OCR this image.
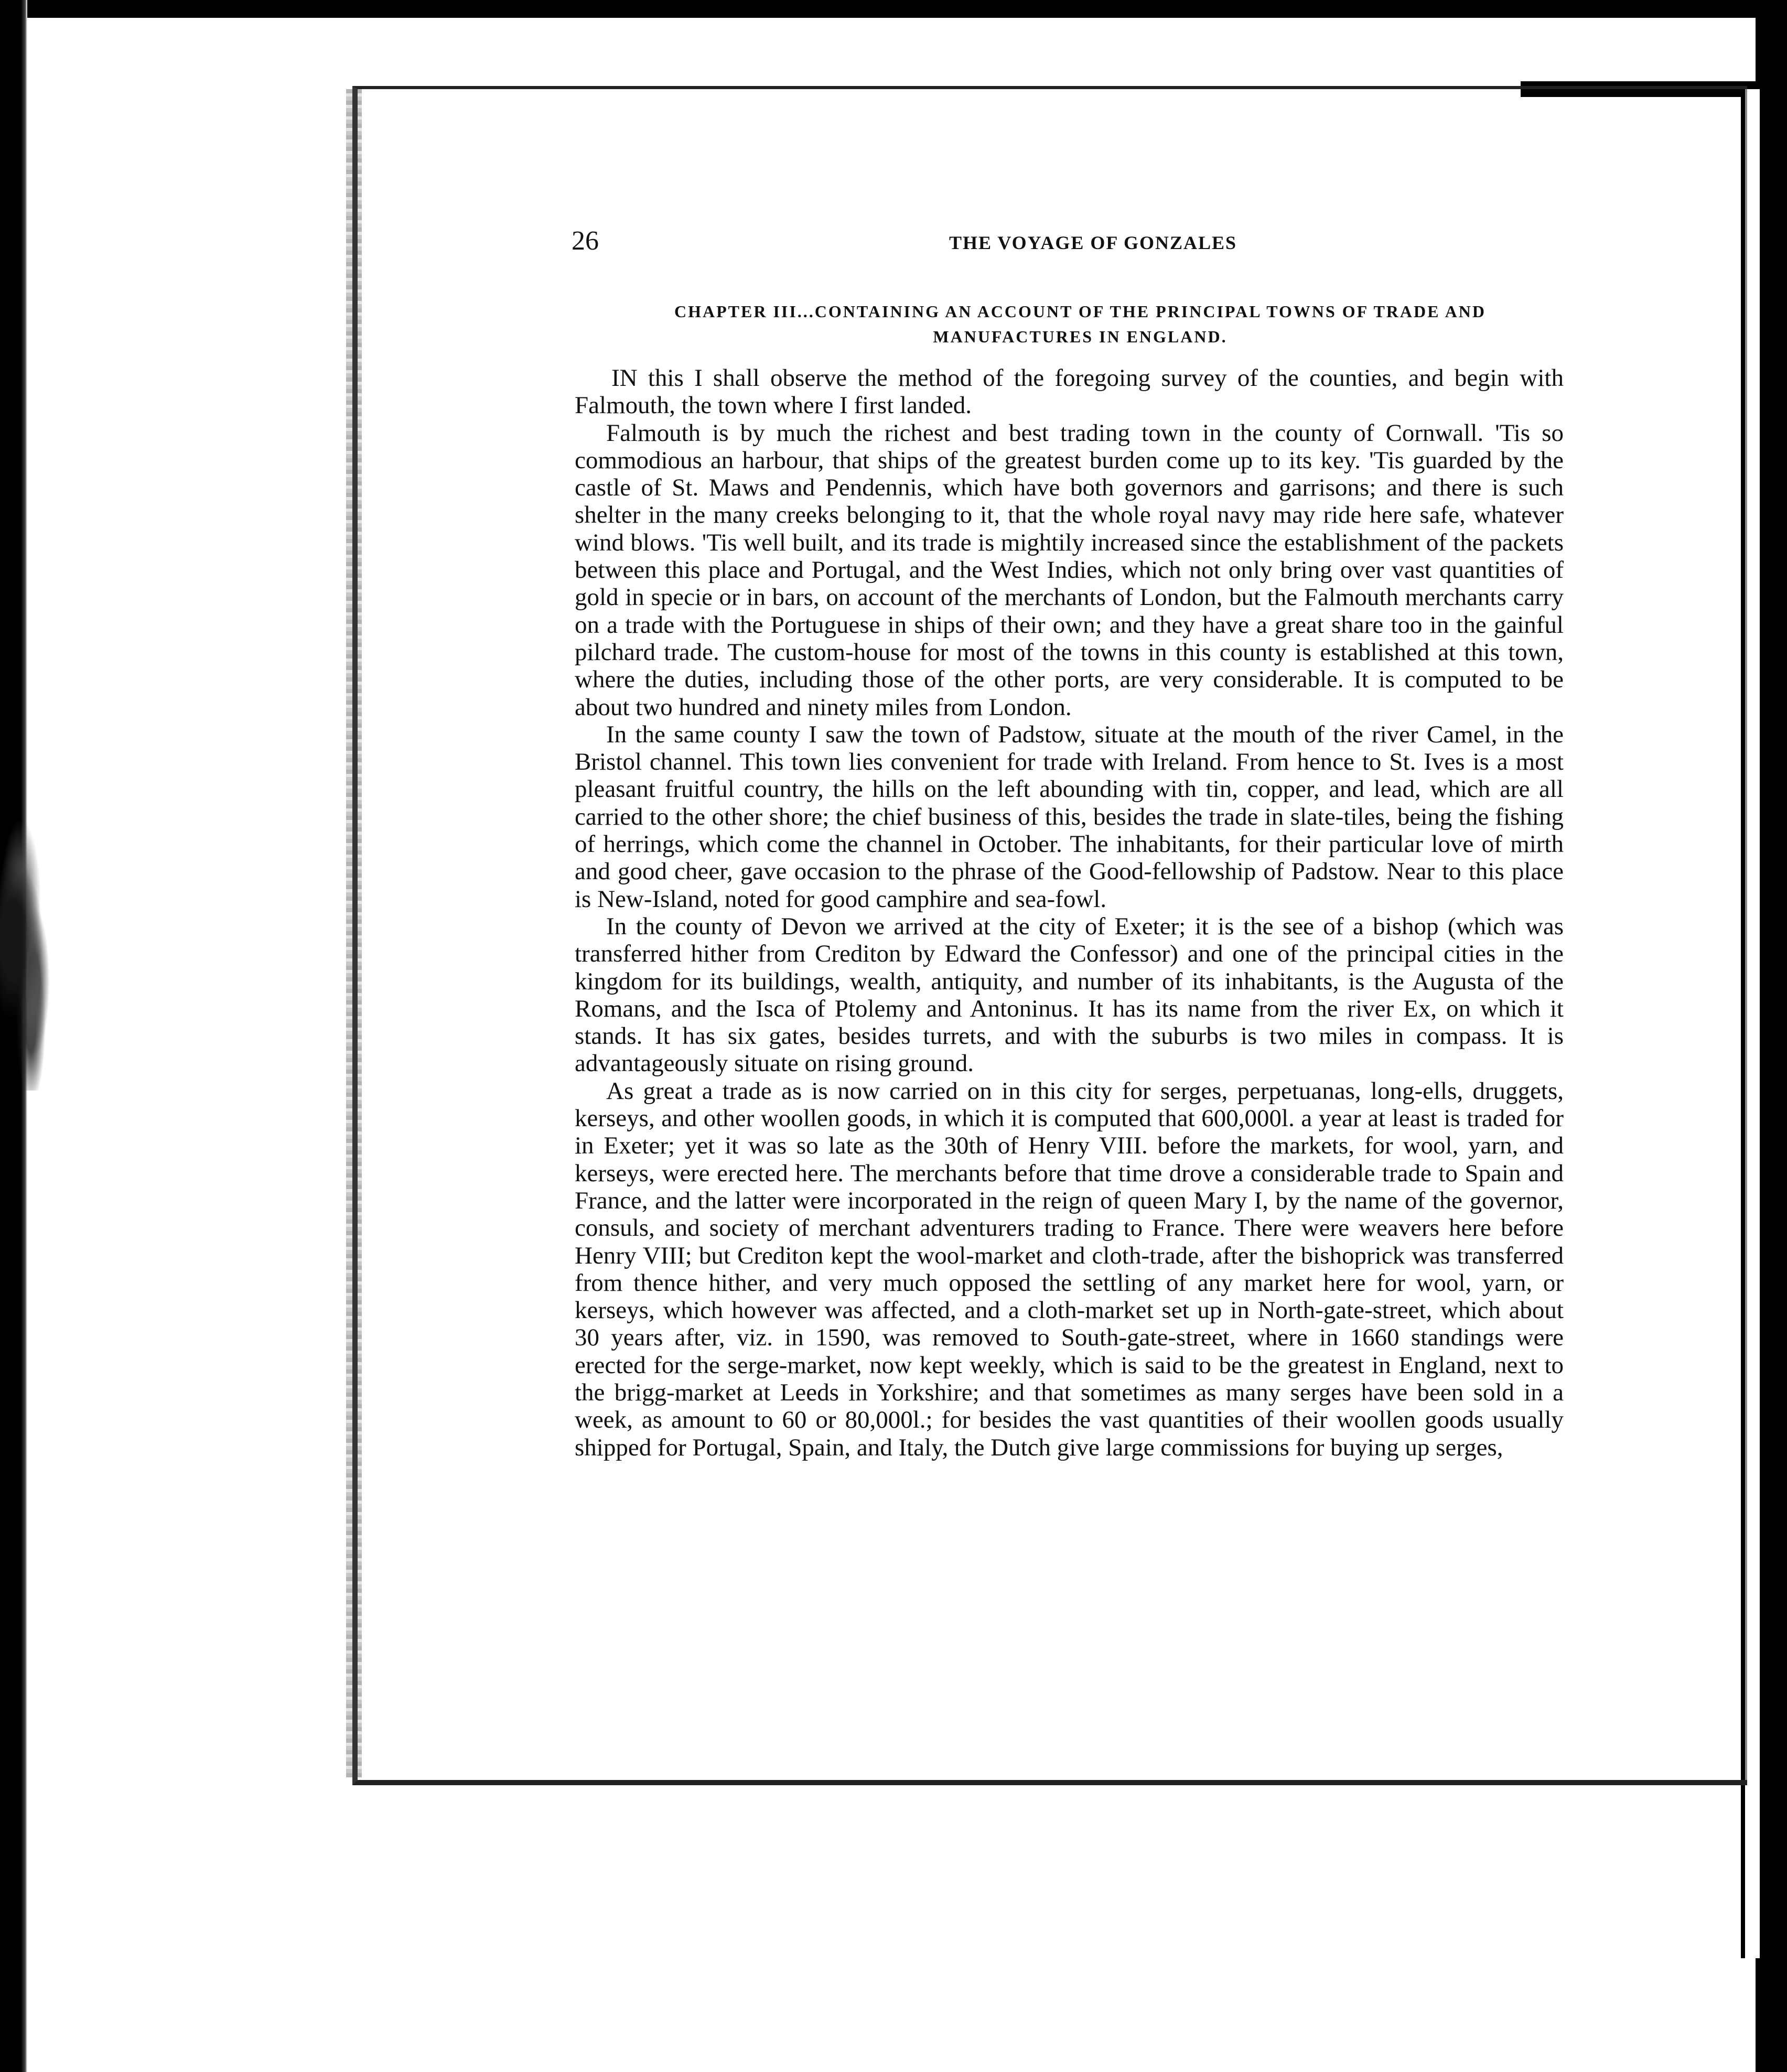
26	THE VOYAGE OF GONZALES
CHAPTER III...CONTAINING AN ACCOUNT OF THE PRINCIPAL TOWNS OF TRADE AND MANUFACTURES IN ENGLAND.

IN this I shall observe the method of the foregoing survey of the counties, and begin with Falmouth, the town where I first landed.

Falmouth is by much the richest and best trading town in the county of Cornwall. 'Tis so commodious an harbour, that ships of the greatest burden come up to its key. 'Tis guarded by the castle of St. Maws and Pendennis, which have both governors and garrisons; and there is such shelter in the many creeks belonging to it, that the whole royal navy may ride here safe, whatever wind blows. 'Tis well built, and its trade is mightily increased since the establishment of the packets between this place and Portugal, and the West Indies, which not only bring over vast quantities of gold in specie or in bars, on account of the merchants of London, but the Falmouth merchants carry on a trade with the Portuguese in ships of their own; and they have a great share too in the gainful pilchard trade. The custom-house for most of the towns in this county is established at this town, where the duties, including those of the other ports, are very considerable. It is computed to be about two hundred and ninety miles from London.

In the same county I saw the town of Padstow, situate at the mouth of the river Camel, in the Bristol channel. This town lies convenient for trade with Ireland. From hence to St. Ives is a most pleasant fruitful country, the hills on the left abounding with tin, copper, and lead, which are all carried to the other shore; the chief business of this, besides the trade in slate-tiles, being the fishing of herrings, which come the channel in October. The inhabitants, for their particular love of mirth and good cheer, gave occasion to the phrase of the Good-fellowship of Padstow. Near to this place is New-Island, noted for good camphire and sea-fowl.

In the county of Devon we arrived at the city of Exeter; it is the see of a bishop (which was transferred hither from Crediton by Edward the Confessor) and one of the principal cities in the kingdom for its buildings, wealth, antiquity, and number of its inhabitants, is the Augusta of the Romans, and the Isca of Ptolemy and Antoninus. It has its name from the river Ex, on which it stands. It has six gates, besides turrets, and with the suburbs is two miles in compass. It is advantageously situate on rising ground.

As great a trade as is now carried on in this city for serges, perpetuanas, long-ells, druggets, kerseys, and other woollen goods, in which it is computed that 600,000l. a year at least is traded for in Exeter; yet it was so late as the 30th of Henry VIII. before the markets, for wool, yarn, and kerseys, were erected here. The merchants before that time drove a considerable trade to Spain and France, and the latter were incorporated in the reign of queen Mary I, by the name of the governor, consuls, and society of merchant adventurers trading to France. There were weavers here before Henry VIII; but Crediton kept the wool-market and cloth-trade, after the bishoprick was transferred from thence hither, and very much opposed the settling of any market here for wool, yarn, or kerseys, which however was affected, and a cloth-market set up in North-gate-street, which about 30 years after, viz. in 1590, was removed to South-gate-street, where in 1660 standings were erected for the serge-market, now kept weekly, which is said to be the greatest in England, next to the brigg-market at Leeds in Yorkshire; and that sometimes as many serges have been sold in a week, as amount to 60 or 80,000l.; for besides the vast quantities of their woollen goods usually shipped for Portugal, Spain, and Italy, the Dutch give large commissions for buying up serges,
